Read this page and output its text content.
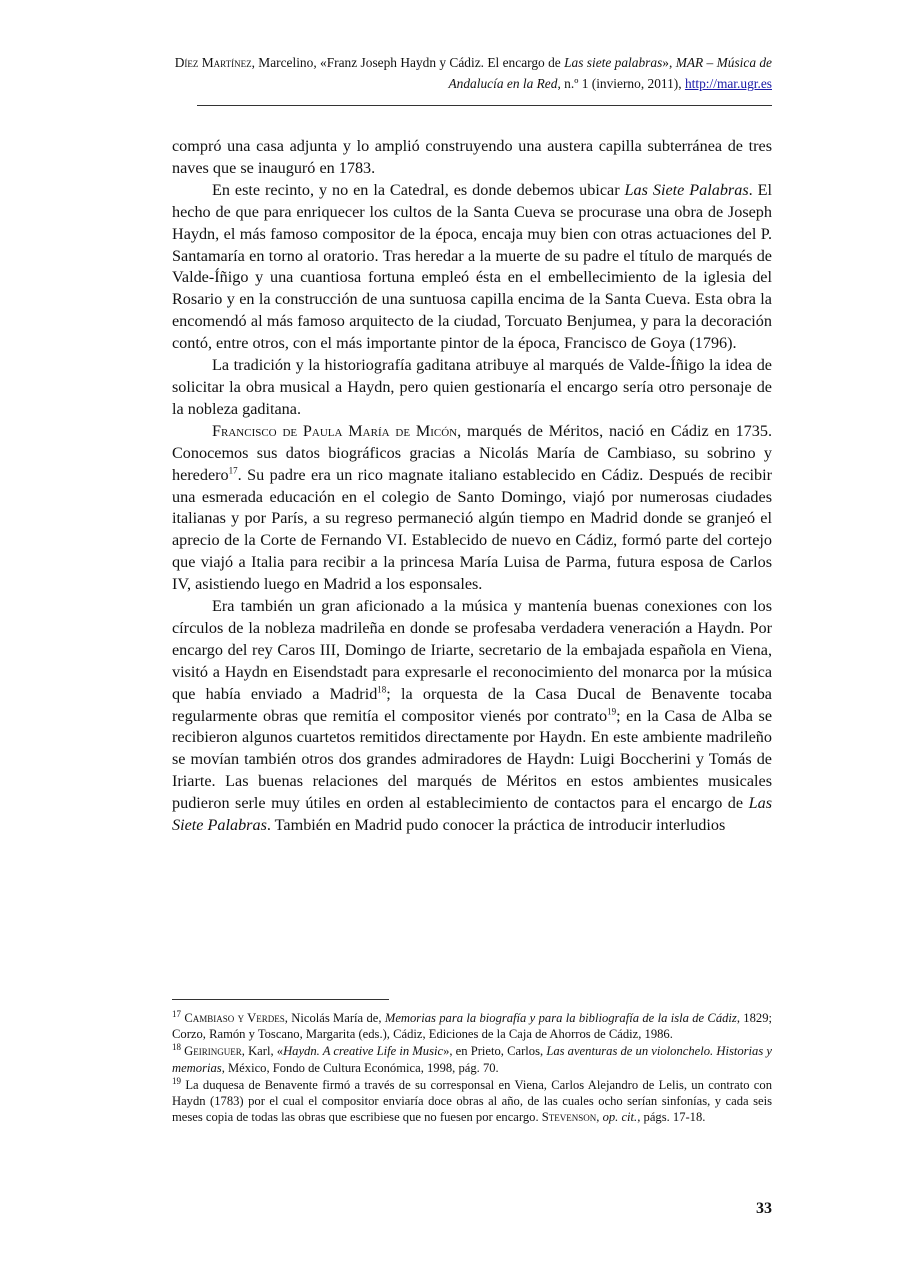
Díez Martínez, Marcelino, «Franz Joseph Haydn y Cádiz. El encargo de Las siete palabras», MAR – Música de Andalucía en la Red, n.º 1 (invierno, 2011), http://mar.ugr.es

compró una casa adjunta y lo amplió construyendo una austera capilla subterránea de tres naves que se inauguró en 1783.

En este recinto, y no en la Catedral, es donde debemos ubicar Las Siete Palabras. El hecho de que para enriquecer los cultos de la Santa Cueva se procurase una obra de Joseph Haydn, el más famoso compositor de la época, encaja muy bien con otras actuaciones del P. Santamaría en torno al oratorio. Tras heredar a la muerte de su padre el título de marqués de Valde-Íñigo y una cuantiosa fortuna empleó ésta en el embellecimiento de la iglesia del Rosario y en la construcción de una suntuosa capilla encima de la Santa Cueva. Esta obra la encomendó al más famoso arquitecto de la ciudad, Torcuato Benjumea, y para la decoración contó, entre otros, con el más importante pintor de la época, Francisco de Goya (1796).

La tradición y la historiografía gaditana atribuye al marqués de Valde-Íñigo la idea de solicitar la obra musical a Haydn, pero quien gestionaría el encargo sería otro personaje de la nobleza gaditana.

Francisco de Paula María de Micón, marqués de Méritos, nació en Cádiz en 1735. Conocemos sus datos biográficos gracias a Nicolás María de Cambiaso, su sobrino y heredero$^{17}$. Su padre era un rico magnate italiano establecido en Cádiz. Después de recibir una esmerada educación en el colegio de Santo Domingo, viajó por numerosas ciudades italianas y por París, a su regreso permaneció algún tiempo en Madrid donde se granjeó el aprecio de la Corte de Fernando VI. Establecido de nuevo en Cádiz, formó parte del cortejo que viajó a Italia para recibir a la princesa María Luisa de Parma, futura esposa de Carlos IV, asistiendo luego en Madrid a los esponsales.

Era también un gran aficionado a la música y mantenía buenas conexiones con los círculos de la nobleza madrileña en donde se profesaba verdadera veneración a Haydn. Por encargo del rey Caros III, Domingo de Iriarte, secretario de la embajada española en Viena, visitó a Haydn en Eisendstadt para expresarle el reconocimiento del monarca por la música que había enviado a Madrid$^{18}$; la orquesta de la Casa Ducal de Benavente tocaba regularmente obras que remitía el compositor vienés por contrato$^{19}$; en la Casa de Alba se recibieron algunos cuartetos remitidos directamente por Haydn. En este ambiente madrileño se movían también otros dos grandes admiradores de Haydn: Luigi Boccherini y Tomás de Iriarte. Las buenas relaciones del marqués de Méritos en estos ambientes musicales pudieron serle muy útiles en orden al establecimiento de contactos para el encargo de Las Siete Palabras. También en Madrid pudo conocer la práctica de introducir interludios

$^{17}$ Cambiaso y Verdes, Nicolás María de, Memorias para la biografía y para la bibliografía de la isla de Cádiz, 1829; Corzo, Ramón y Toscano, Margarita (eds.), Cádiz, Ediciones de la Caja de Ahorros de Cádiz, 1986.

$^{18}$ Geiringuer, Karl, «Haydn. A creative Life in Music», en Prieto, Carlos, Las aventuras de un violonchelo. Historias y memorias, México, Fondo de Cultura Económica, 1998, pág. 70.

$^{19}$ La duquesa de Benavente firmó a través de su corresponsal en Viena, Carlos Alejandro de Lelis, un contrato con Haydn (1783) por el cual el compositor enviaría doce obras al año, de las cuales ocho serían sinfonías, y cada seis meses copia de todas las obras que escribiese que no fuesen por encargo. Stevenson, op. cit., págs. 17-18.

33
